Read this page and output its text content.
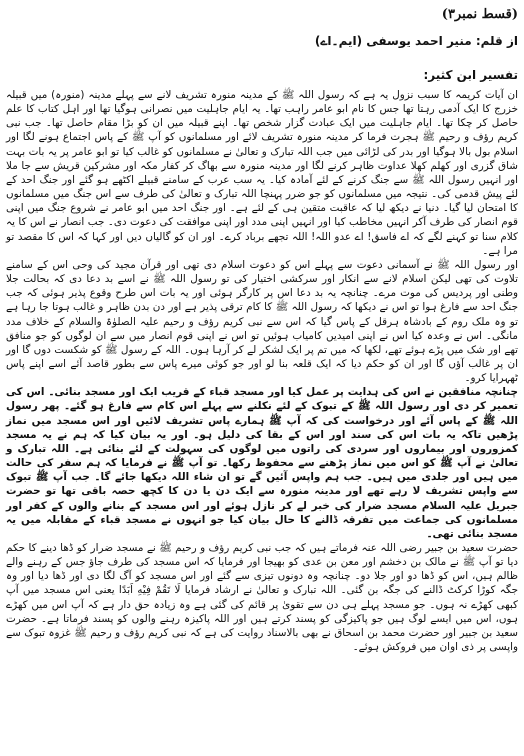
(قسط نمبر۳)
از قلم: منیر احمد یوسفی (ایم۔اے)
تفسیر ابن کثیر:

ان آیات کریمہ کا سبب نزول یہ ہے کہ رسول اللہ ﷺ کے مدینہ منورہ تشریف لانے سے پہلے مدینہ (منورہ) میں قبیلہ خزرج کا ایک آدمی رہتا تھا جس کا نام ابو عامر راہب تھا۔ یہ ایام جاہلیت میں نصرانی ہوگیا تھا اور اہل کتاب کا علم حاصل کر چکا تھا۔ ایام جاہلیت میں ایک عبادت گزار شخص تھا۔ اپنے قبیلہ میں ان کو بڑا مقام حاصل تھا۔ جب نبی کریم رؤف و رحیم ﷺ ہجرت فرما کر مدینہ منورہ تشریف لائے اور مسلمانوں کو آپ ﷺ کے پاس اجتماع ہونے لگا اور اسلام بول بالا ہوگیا اور بدر کی لڑائی میں جب اللہ تبارک و تعالیٰ نے مسلمانوں کو غالب کیا تو ابو عامر پر یہ بات بہت شاق گزری اور کھلم کھلا عداوت ظاہر کرنے لگا اور مدینہ منورہ سے بھاگ کر کفار مکہ اور مشرکین قریش سے جا ملا اور انہیں رسول اللہ ﷺ سے جنگ کرنے کے لئے آمادہ کیا۔ یہ سب عرب کے سامنے قبیلے اکٹھے ہو گئے اور جنگ احد کے لئے پیش قدمی کی۔ نتیجہ میں مسلمانوں کو جو ضرر پہنچا اللہ تبارک و تعالیٰ کی طرف سے اس جنگ میں مسلمانوں کا امتحان لیا گیا۔ دنیا نے دیکھ لیا کہ عاقبت متقین ہی کے لئے ہے۔ اور جنگ احد میں ابو عامر نے شروع جنگ میں اپنی قوم انصار کی طرف آکر انہیں مخاطب کیا اور انہیں اپنی مدد اور اپنی موافقت کی دعوت دی۔ جب انصار نے اس کا یہ کلام سنا تو کہنے لگے کہ اے فاسق! اے عدو اللہ! اللہ تجھے برباد کرے۔ اور ان کو گالیاں دیں اور کہا کہ اس کا مقصد تو مرا ہے۔

اور رسول اللہ ﷺ نے آسمانی دعوت سے پہلے اس کو دعوت اسلام دی تھی اور قرآن مجید کی وحی اس کے سامنے تلاوت کی تھی لیکن اسلام لانے سے انکار اور سرکشی اختیار کی تو رسول اللہ ﷺ نے اسے بد دعا دی کہ بحالت جلا وطنی اور پردیس کی موت مرے۔ چنانچہ یہ بد دعا اس پر کارگر ہوئی اور یہ بات اس طرح وقوع پذیر ہوئی کہ جب جنگ احد سے فارغ ہوا تو اس نے دیکھا کہ رسول اللہ ﷺ کا کام ترقی پذیر ہے اور دن بدن ظاہر و غالب ہوتا جا رہا ہے تو وہ ملک روم کے بادشاہ ہرقل کے پاس گیا کہ اس سے نبی کریم رؤف و رحیم علیہ الصلوٰۃ والسلام کے خلاف مدد مانگی۔ اس نے وعدہ کیا اس نے اپنی امیدیں کامیاب ہوئیں تو اس نے اپنی قوم انصار میں سے ان لوگوں کو جو منافق تھے اور شک میں پڑے ہوئے تھے، لکھا کہ میں تم پر ایک لشکر لے کر آرہا ہوں۔ اللہ کے رسول ﷺ کو شکست دوں گا اور ان پر غالب آؤں گا اور ان کو حکم دیا کہ ایک قلعہ بنا لو اور جو کوئی میرے پاس سے بطور قاصد آئے اسے اپنے پاس ٹھہرایا کرو۔

چنانچہ منافقین نے اس کی ہدایت پر عمل کیا اور مسجد قباء کے قریب ایک اور مسجد بنائی۔ اس کی تعمیر کر دی اور رسول اللہ ﷺ کے تبوک کے لئے نکلنے سے پہلے اس کام سے فارغ ہو گئے۔ پھر رسول اللہ ﷺ کے پاس آئے اور درخواست کی کہ آپ ﷺ ہمارے پاس تشریف لائیں اور اس مسجد میں نماز پڑھیں تاکہ یہ بات اس کی سند اور اس کے بقا کی دلیل ہو۔ اور یہ بیان کیا کہ ہم نے یہ مسجد کمزوروں اور بیماروں اور سردی کی راتوں میں لوگوں کی سہولت کے لئے بنائی ہے۔ اللہ تبارک و تعالیٰ نے آپ ﷺ کو اس میں نماز پڑھنے سے محفوظ رکھا۔ تو آپ ﷺ نے فرمایا کہ ہم سفر کی حالت میں ہیں اور جلدی میں ہیں۔ جب ہم واپس آئیں گے تو ان شاء اللہ دیکھا جائے گا۔ جب آپ ﷺ تبوک سے واپس تشریف لا رہے تھے اور مدینہ منورہ سے ایک دن یا دن کا کچھ حصہ باقی تھا تو حضرت جبریل علیہ السلام مسجد ضرار کی خبر لے کر نازل ہوئے اور اس مسجد کے بنانے والوں کے کفر اور مسلمانوں کی جماعت میں تفرقہ ڈالنے کا حال بیان کیا جو انہوں نے مسجد قباء کے مقابلہ میں یہ مسجد بنائی تھی۔

حضرت سعید بن جبیر رضی اللہ عنہ فرماتے ہیں کہ جب نبی کریم رؤف و رحیم ﷺ نے مسجد ضرار کو ڈھا دینے کا حکم دیا تو آپ ﷺ نے مالک بن دخشم اور معن بن عدی کو بھیجا اور فرمایا کہ اس مسجد کی طرف جاؤ جس کے رہنے والے ظالم ہیں، اس کو ڈھا دو اور جلا دو۔ چنانچہ وہ دونوں تیزی سے گئے اور اس مسجد کو آگ لگا دی اور ڈھا دیا اور وہ جگہ کوڑا کرکٹ ڈالنے کی جگہ بن گئی۔ اللہ تبارک و تعالیٰ نے ارشاد فرمایا لَا تَقُمْ فِيْهِ اَبَدًا یعنی اس مسجد میں آپ کبھی کھڑے نہ ہوں۔ جو مسجد پہلے ہی دن سے تقویٰ پر قائم کی گئی ہے وہ زیادہ حق دار ہے کہ آپ اس میں کھڑے ہوں، اس میں ایسے لوگ ہیں جو پاکیزگی کو پسند کرتے ہیں اور اللہ پاکیزہ رہنے والوں کو پسند فرماتا ہے۔ حضرت سعید بن جبیر اور حضرت محمد بن اسحاق نے بھی بالاسناد روایت کی ہے کہ نبی کریم رؤف و رحیم ﷺ غزوہ تبوک سے واپسی پر ذی اوان میں فروکش ہوئے۔
